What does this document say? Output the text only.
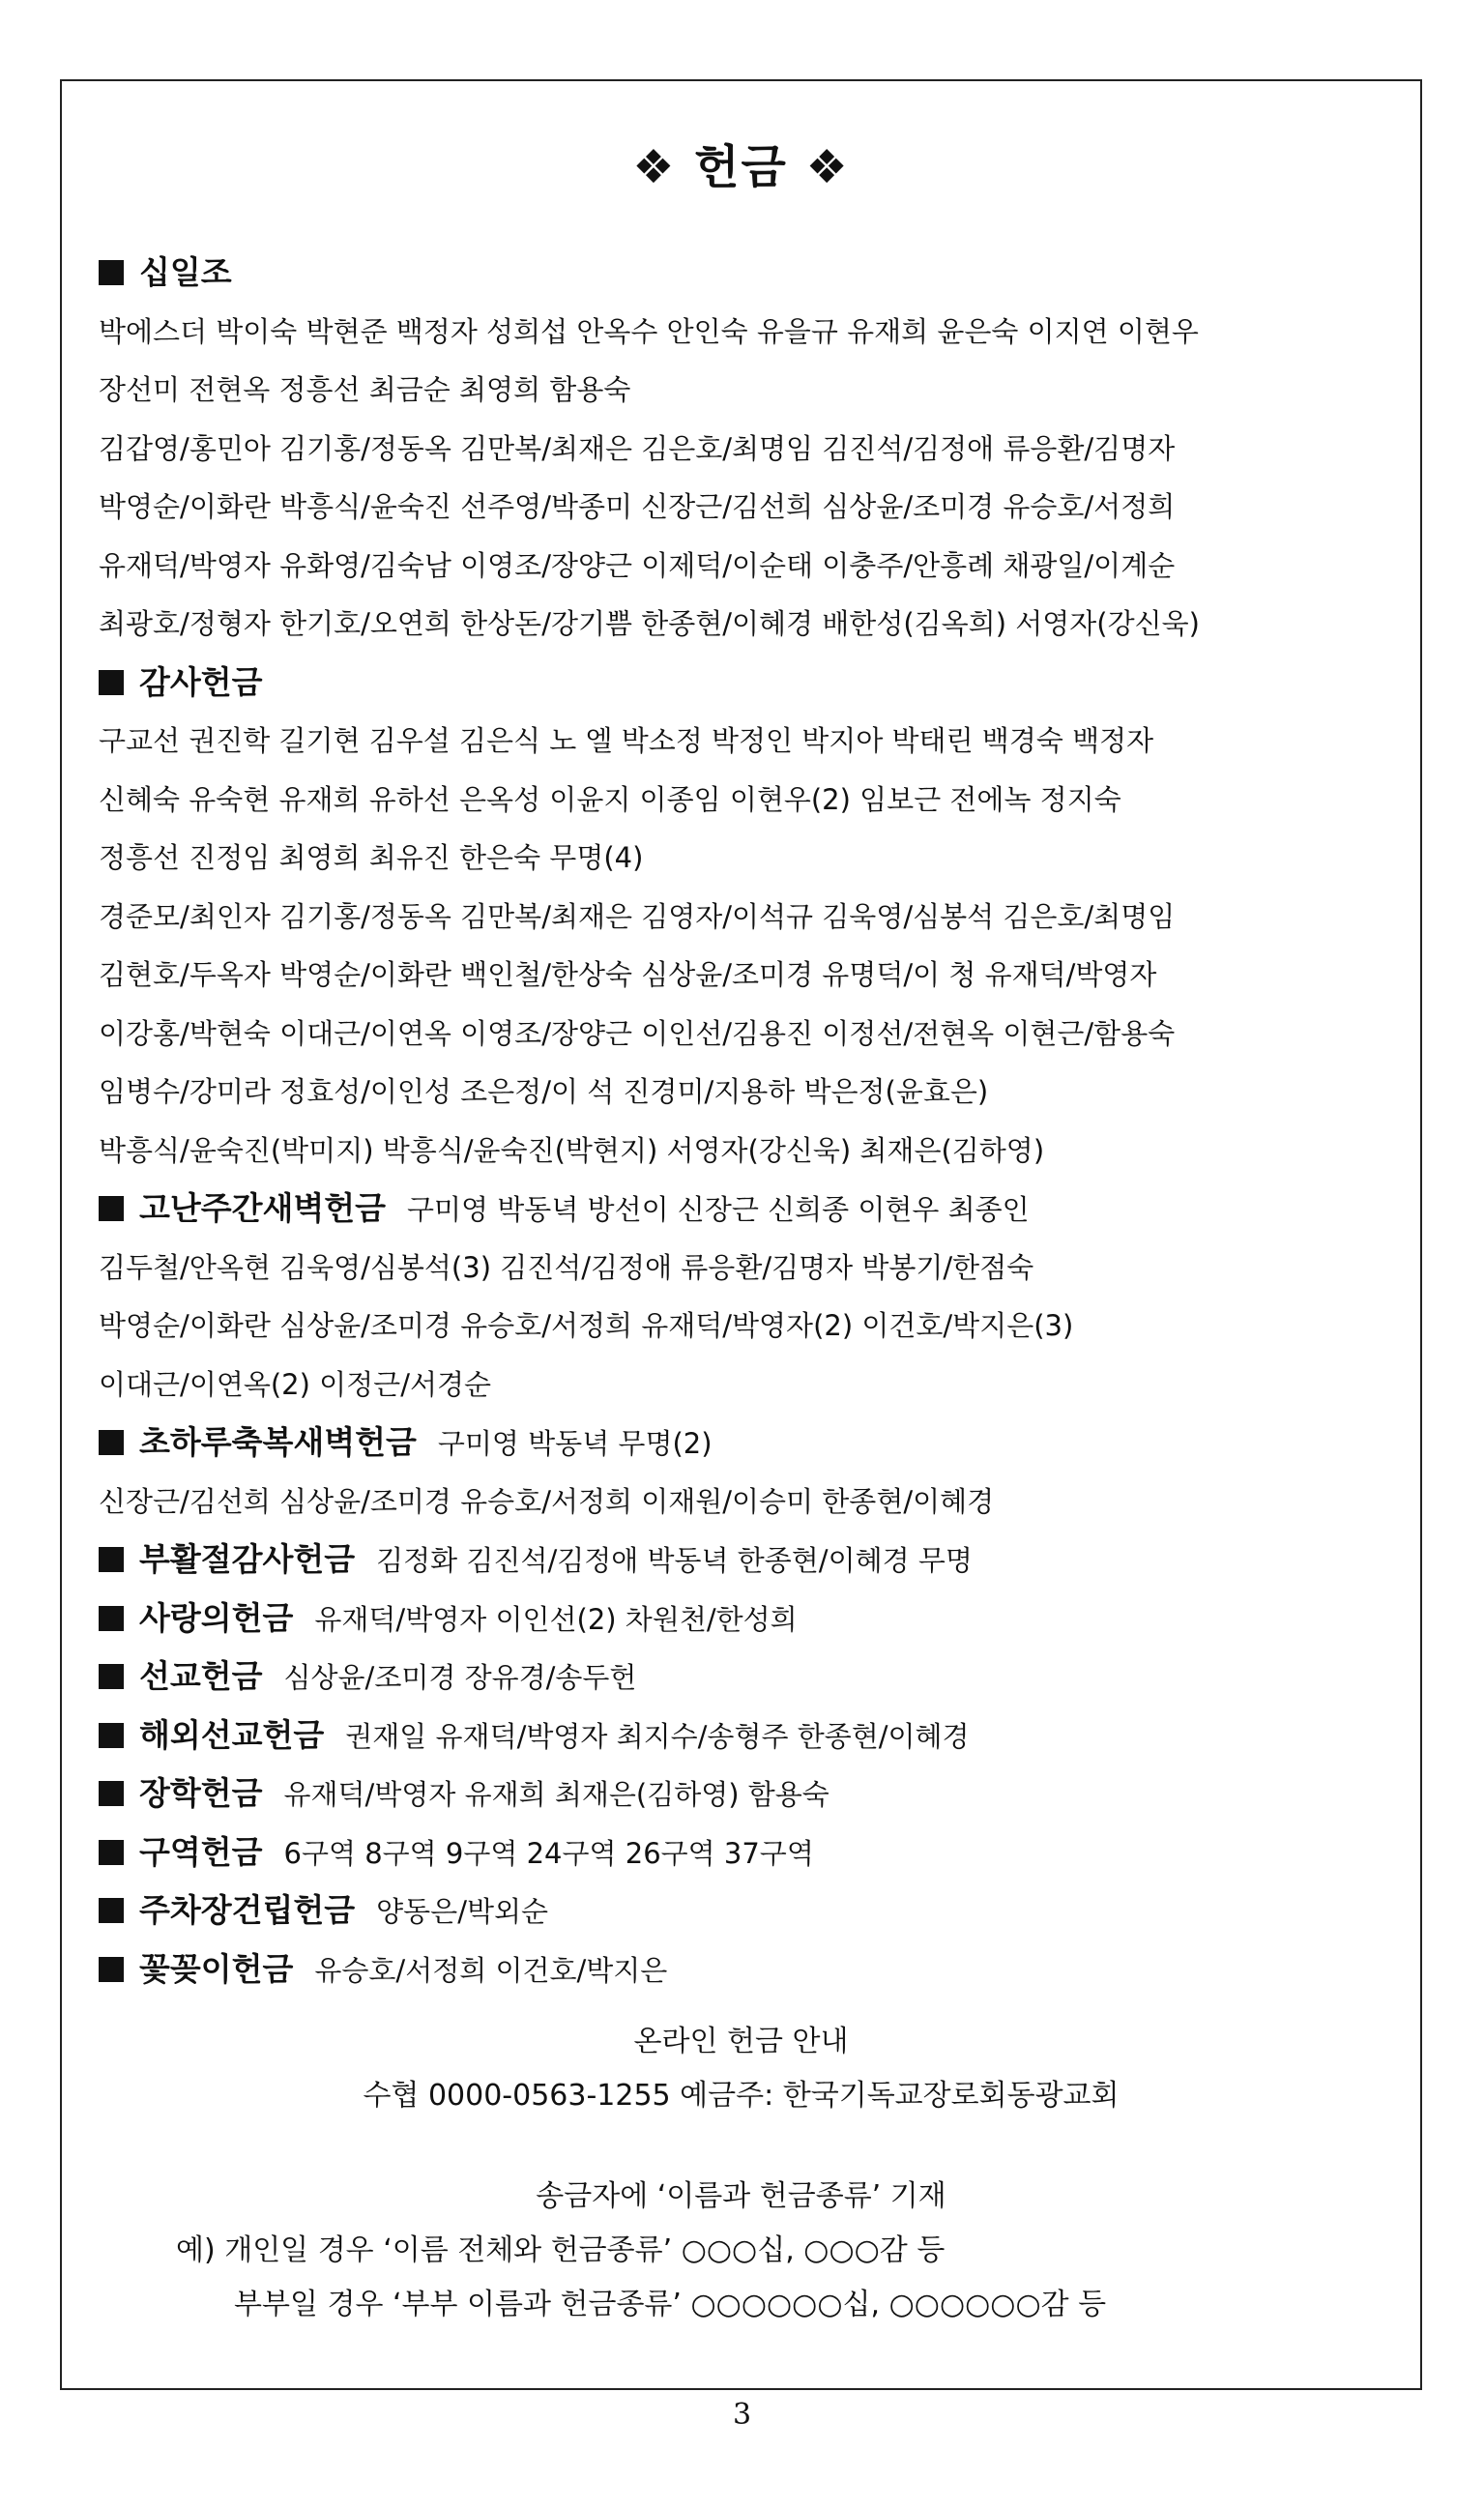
❖ 헌금 ❖
십일조
박에스더 박이숙 박현준 백정자 성희섭 안옥수 안인숙 유을규 유재희 윤은숙 이지연 이현우
장선미 전현옥 정흥선 최금순 최영희 함용숙
김갑영/홍민아 김기홍/정동옥 김만복/최재은 김은호/최명임 김진석/김정애 류응환/김명자
박영순/이화란 박흥식/윤숙진 선주영/박종미 신장근/김선희 심상윤/조미경 유승호/서정희
유재덕/박영자 유화영/김숙남 이영조/장양근 이제덕/이순태 이충주/안흥례 채광일/이계순
최광호/정형자 한기호/오연희 한상돈/강기쁨 한종현/이혜경 배한성(김옥희) 서영자(강신욱)
감사헌금
구교선 권진학 길기현 김우설 김은식 노 엘 박소정 박정인 박지아 박태린 백경숙 백정자
신혜숙 유숙현 유재희 유하선 은옥성 이윤지 이종임 이현우(2) 임보근 전에녹 정지숙
정흥선 진정임 최영희 최유진 한은숙 무명(4)
경준모/최인자 김기홍/정동옥 김만복/최재은 김영자/이석규 김욱영/심봉석 김은호/최명임
김현호/두옥자 박영순/이화란 백인철/한상숙 심상윤/조미경 유명덕/이 청 유재덕/박영자
이강홍/박현숙 이대근/이연옥 이영조/장양근 이인선/김용진 이정선/전현옥 이현근/함용숙
임병수/강미라 정효성/이인성 조은정/이 석 진경미/지용하 박은정(윤효은)
박흥식/윤숙진(박미지) 박흥식/윤숙진(박현지) 서영자(강신욱) 최재은(김하영)
고난주간새벽헌금 구미영 박동녁 방선이 신장근 신희종 이현우 최종인
김두철/안옥현 김욱영/심봉석(3) 김진석/김정애 류응환/김명자 박봉기/한점숙
박영순/이화란 심상윤/조미경 유승호/서정희 유재덕/박영자(2) 이건호/박지은(3)
이대근/이연옥(2) 이정근/서경순
초하루축복새벽헌금 구미영 박동녁 무명(2)
신장근/김선희 심상윤/조미경 유승호/서정희 이재원/이승미 한종현/이혜경
부활절감사헌금 김정화 김진석/김정애 박동녁 한종현/이혜경 무명
사랑의헌금 유재덕/박영자 이인선(2) 차원천/한성희
선교헌금 심상윤/조미경 장유경/송두헌
해외선교헌금 권재일 유재덕/박영자 최지수/송형주 한종현/이혜경
장학헌금 유재덕/박영자 유재희 최재은(김하영) 함용숙
구역헌금 6구역 8구역 9구역 24구역 26구역 37구역
주차장건립헌금 양동은/박외순
꽃꽂이헌금 유승호/서정희 이건호/박지은
온라인 헌금 안내
수협 0000-0563-1255 예금주: 한국기독교장로회동광교회
송금자에 ‘이름과 헌금종류’ 기재
예) 개인일 경우 ‘이름 전체와 헌금종류’ ○○○십, ○○○감 등
부부일 경우 ‘부부 이름과 헌금종류’ ○○○○○○십, ○○○○○○감 등
3
